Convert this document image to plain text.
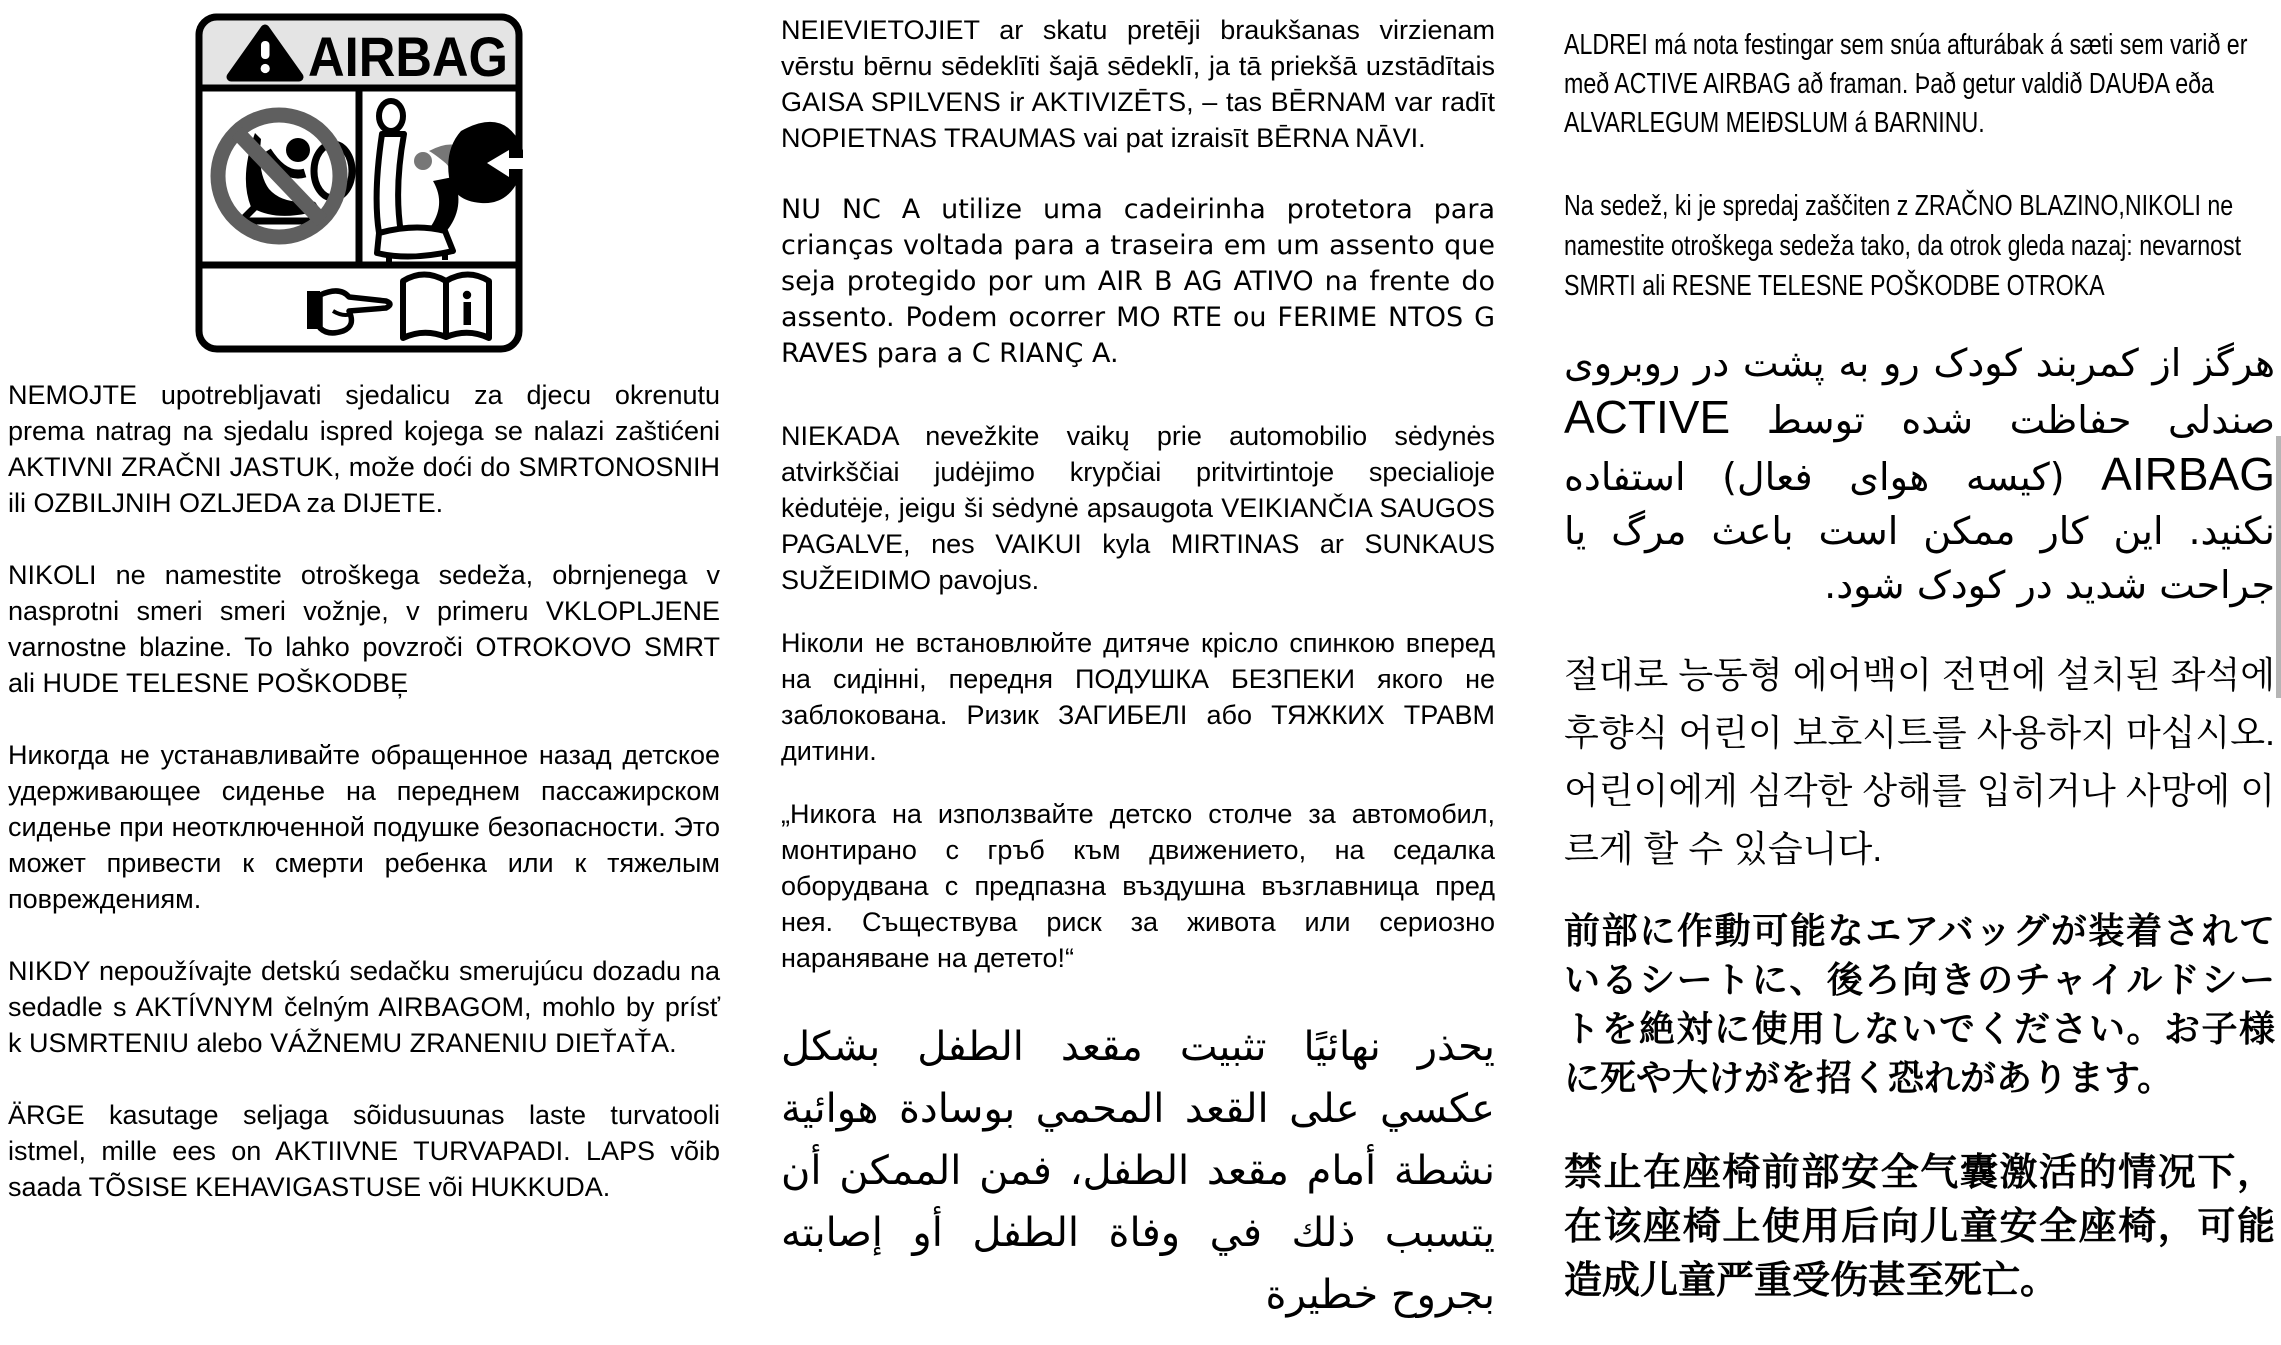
AIRBAG

NEMOJTE upotrebljavati sjedalicu za djecu okrenutu prema natrag na sjedalu ispred kojega se nalazi zaštićeni AKTIVNI ZRAČNI JASTUK, može doći do SMRTONOSNIH ili OZBILJNIH OZLJEDA za DIJETE.

NIKOLI ne namestite otroškega sedeža, obrnjenega v nasprotni smeri smeri vožnje, v primeru VKLOPLJENE varnostne blazine. To lahko povzroči OTROKOVO SMRT ali HUDE TELESNE POŠKODBE̦

Никогда не устанавливайте обращенное назад детское удерживающее сиденье на переднем пассажирском сиденье при неотключенной подушке безопасности. Это может привести к смерти ребенка или к тяжелым повреждениям.

NIKDY nepoužívajte detskú sedačku smerujúcu dozadu na sedadle s AKTÍVNYM čelným AIRBAGOM, mohlo by prísť k USMRTENIU alebo VÁŽNEMU ZRANENIU DIEŤAŤA.

ÄRGE kasutage seljaga sõidusuunas laste turvatooli istmel, mille ees on AKTIIVNE TURVAPADI. LAPS võib saada TÕSISE KEHAVIGASTUSE või HUKKUDA.

NEIEVIETOJIET ar skatu pretēji braukšanas virzienam vērstu bērnu sēdeklīti šajā sēdeklī, ja tā priekšā uzstādītais GAISA SPILVENS ir AKTIVIZĒTS, – tas BĒRNAM var radīt NOPIETNAS TRAUMAS vai pat izraisīt BĒRNA NĀVI.

NU NC A utilize uma cadeirinha protetora para crianças voltada para a traseira em um assento que seja protegido por um AIR B AG ATIVO na frente do assento. Podem ocorrer MO RTE ou FERIME NTOS G RAVES para a C RIANÇ A.

NIEKADA nevežkite vaikų prie automobilio sėdynės atvirkščiai judėjimo krypčiai pritvirtintoje specialioje kėdutėje, jeigu ši sėdynė apsaugota VEIKIANČIA SAUGOS PAGALVE, nes VAIKUI kyla MIRTINAS ar SUNKAUS SUŽEIDIMO pavojus.

Ніколи не встановлюйте дитяче крісло спинкою вперед на сидінні, передня ПОДУШКА БЕЗПЕКИ якого не заблокована. Ризик ЗАГИБЕЛІ або ТЯЖКИХ ТРАВМ дитини.

„Никога на използвайте детско столче за автомобил, монтирано с гръб към движението, на седалка оборудвана с предпазна въздушна възглавница пред нея. Съществува риск за живота или сериозно нараняване на детето!“

يحذر نهائيًا تثبيت مقعد الطفل بشكل عكسي على القعد المحمي بوسادة هوائية نشطة أمام مقعد الطفل، فمن الممكن أن يتسبب ذلك في وفاة الطفل أو إصابته بجروح خطيرة

ALDREI má nota festingar sem snúa afturábak á sæti sem varið er með ACTIVE AIRBAG að framan. Það getur valdið DAUÐA eða ALVARLEGUM MEIÐSLUM á BARNINU.

Na sedež, ki je spredaj zaščiten z ZRAČNO BLAZINO,NIKOLI ne namestite otroškega sedeža tako, da otrok gleda nazaj: nevarnost SMRTI ali RESNE TELESNE POŠKODBE OTROKA

هرگز از کمربند کودک رو به پشت در روبروی صندلی حفاظت شده توسط ACTIVE AIRBAG (کیسه هوای فعال) استفاده نکنید. این کار ممکن است باعث مرگ یا جراحت شدید در کودک شود.

절대로 능동형 에어백이 전면에 설치된 좌석에 후향식 어린이 보호시트를 사용하지 마십시오. 어린이에게 심각한 상해를 입히거나 사망에 이르게 할 수 있습니다.

前部に作動可能なエアバッグが装着されているシートに、後ろ向きのチャイルドシートを絶対に使用しないでください。お子様に死や大けがを招く恐れがあります。

禁止在座椅前部安全气囊激活的情况下，在该座椅上使用后向儿童安全座椅，可能造成儿童严重受伤甚至死亡。
